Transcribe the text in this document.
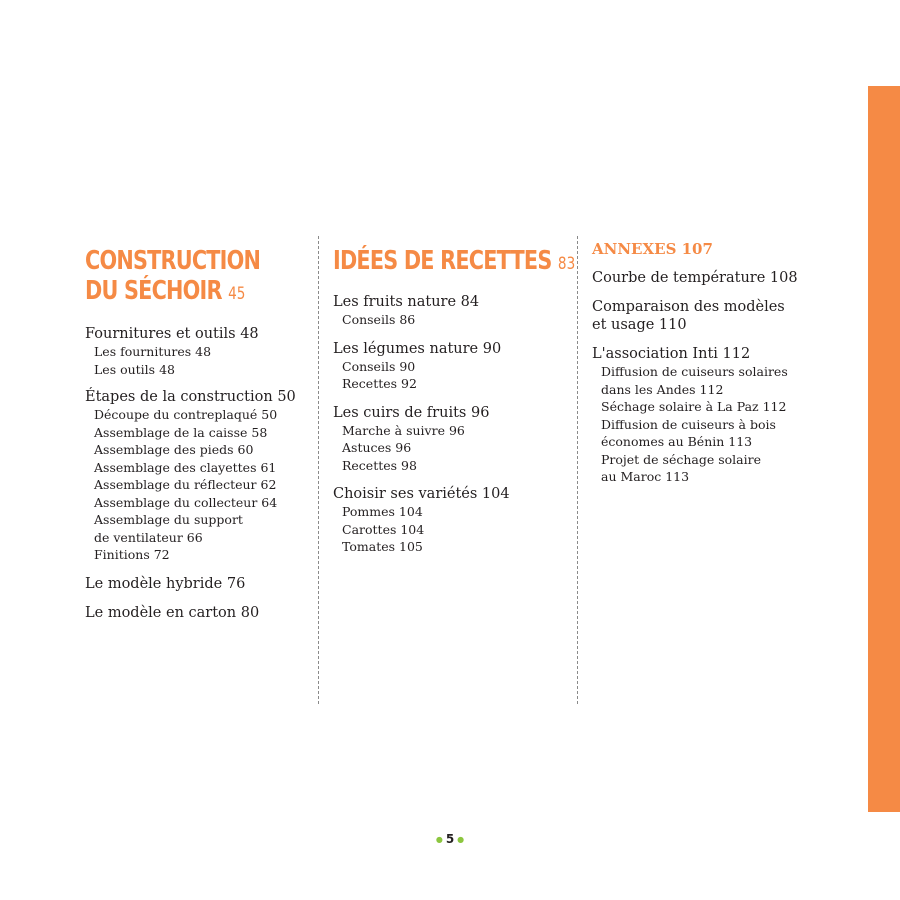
CONSTRUCTION
DU SÉCHOIR 45
Fournitures et outils 48
Les fournitures 48
Les outils 48
Étapes de la construction 50
Découpe du contreplaqué 50
Assemblage de la caisse 58
Assemblage des pieds 60
Assemblage des clayettes 61
Assemblage du réflecteur 62
Assemblage du collecteur 64
Assemblage du support
de ventilateur 66
Finitions 72
Le modèle hybride 76
Le modèle en carton 80
IDÉES DE RECETTES 83
Les fruits nature 84
Conseils 86
Les légumes nature 90
Conseils 90
Recettes 92
Les cuirs de fruits 96
Marche à suivre 96
Astuces 96
Recettes 98
Choisir ses variétés 104
Pommes 104
Carottes 104
Tomates 105
ANNEXES 107
Courbe de température 108
Comparaison des modèles
et usage 110
L'association Inti 112
Diffusion de cuiseurs solaires
dans les Andes 112
Séchage solaire à La Paz 112
Diffusion de cuiseurs à bois
économes au Bénin 113
Projet de séchage solaire
au Maroc 113
● 5 ●
